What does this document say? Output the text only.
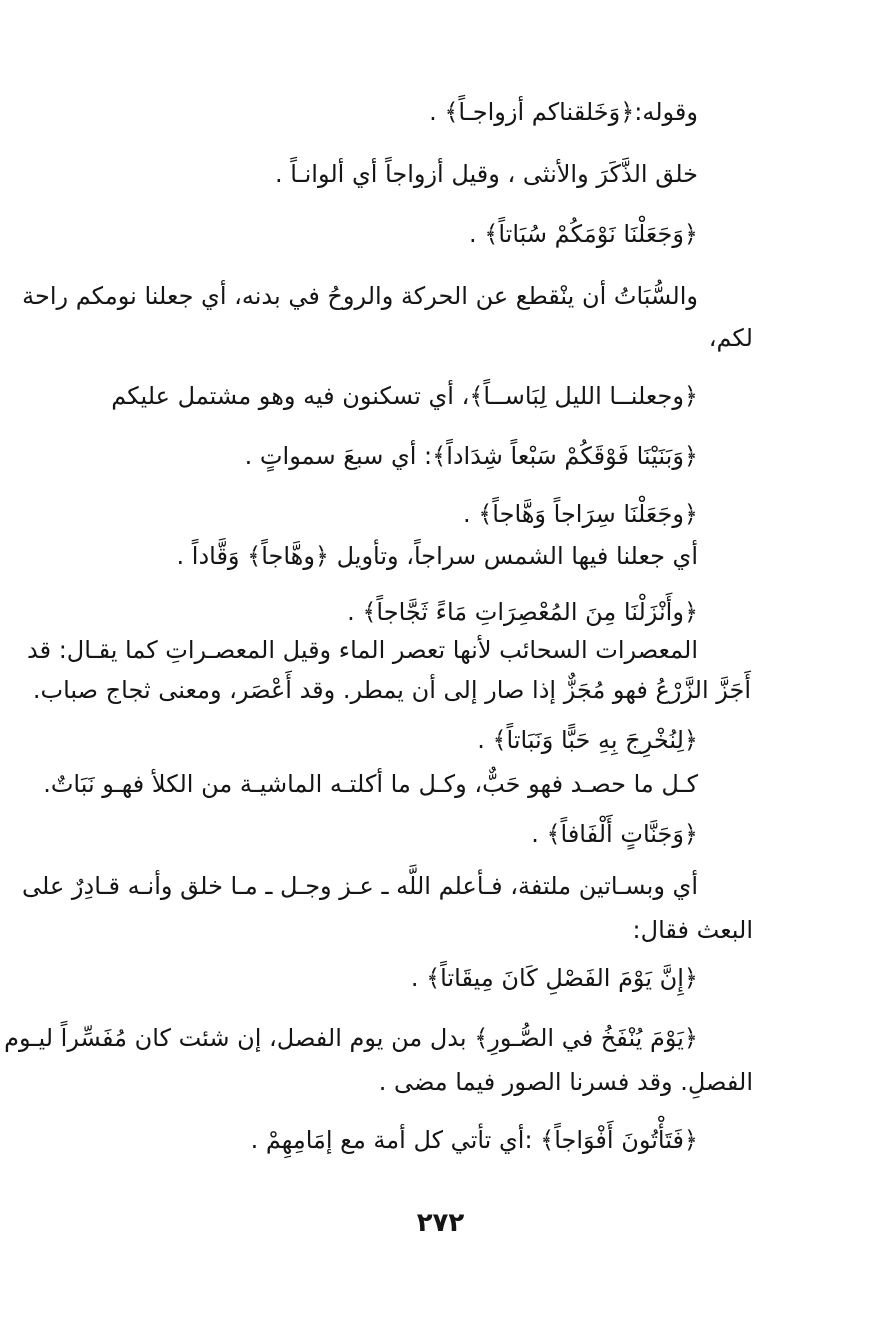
وقوله:﴿وَخَلقناكم أزواجـاً﴾ .
خلق الذَّكَرَ والأنثى ، وقيل أزواجاً أي ألوانـاً .
﴿وَجَعَلْنَا نَوْمَكُمْ سُبَاتاً﴾ .
والسُّبَاتُ أن ينْقطع عن الحركة والروحُ في بدنه، أي جعلنا نومكم راحة
لكم،
﴿وجعلنــا الليل لِبَاســاً﴾، أي تسكنون فيه وهو مشتمل عليكم
﴿وَبَنَيْنَا فَوْقَكُمْ سَبْعاً شِدَاداً﴾: أي سبعَ سمواتٍ .
﴿وجَعَلْنَا سِرَاجاً وَهَّاجاً﴾ .
أي جعلنا فيها الشمس سراجاً، وتأويل ﴿وهَّاجاً﴾ وَقَّاداً .
﴿وأَنْزَلْنَا مِنَ المُعْصِرَاتِ مَاءً ثَجَّاجاً﴾ .
المعصرات السحائب لأنها تعصر الماء وقيل المعصـراتِ كما يقـال: قد
أَجَزَّ الزَّرْعُ فهو مُجَزٌّ إذا صار إلى أن يمطر. وقد أَعْصَر، ومعنى ثجاج صباب.
﴿لِنُخْرِجَ بِهِ حَبًّا وَنَبَاتاً﴾ .
كـل ما حصـد فهو حَبٌّ، وكـل ما أكلتـه الماشيـة من الكلأ فهـو نَبَاتٌ.
﴿وَجَنَّاتٍ أَلْفَافاً﴾ .
أي وبسـاتين ملتفة، فـأعلم اللَّه ـ عـز وجـل ـ مـا خلق وأنـه قـادِرٌ على
البعث فقال:
﴿إِنَّ يَوْمَ الفَصْلِ كَانَ مِيقَاتاً﴾ .
﴿يَوْمَ يُنْفَخُ في الصُّـورِ﴾ بدل من يوم الفصل، إن شئت كان مُفَسِّراً ليـوم
الفصلِ. وقد فسرنا الصور فيما مضى .
﴿فَتَأْتُونَ أَفْوَاجاً﴾ :أي تأتي كل أمة مع إمَامِهِمْ .
٢٧٢
